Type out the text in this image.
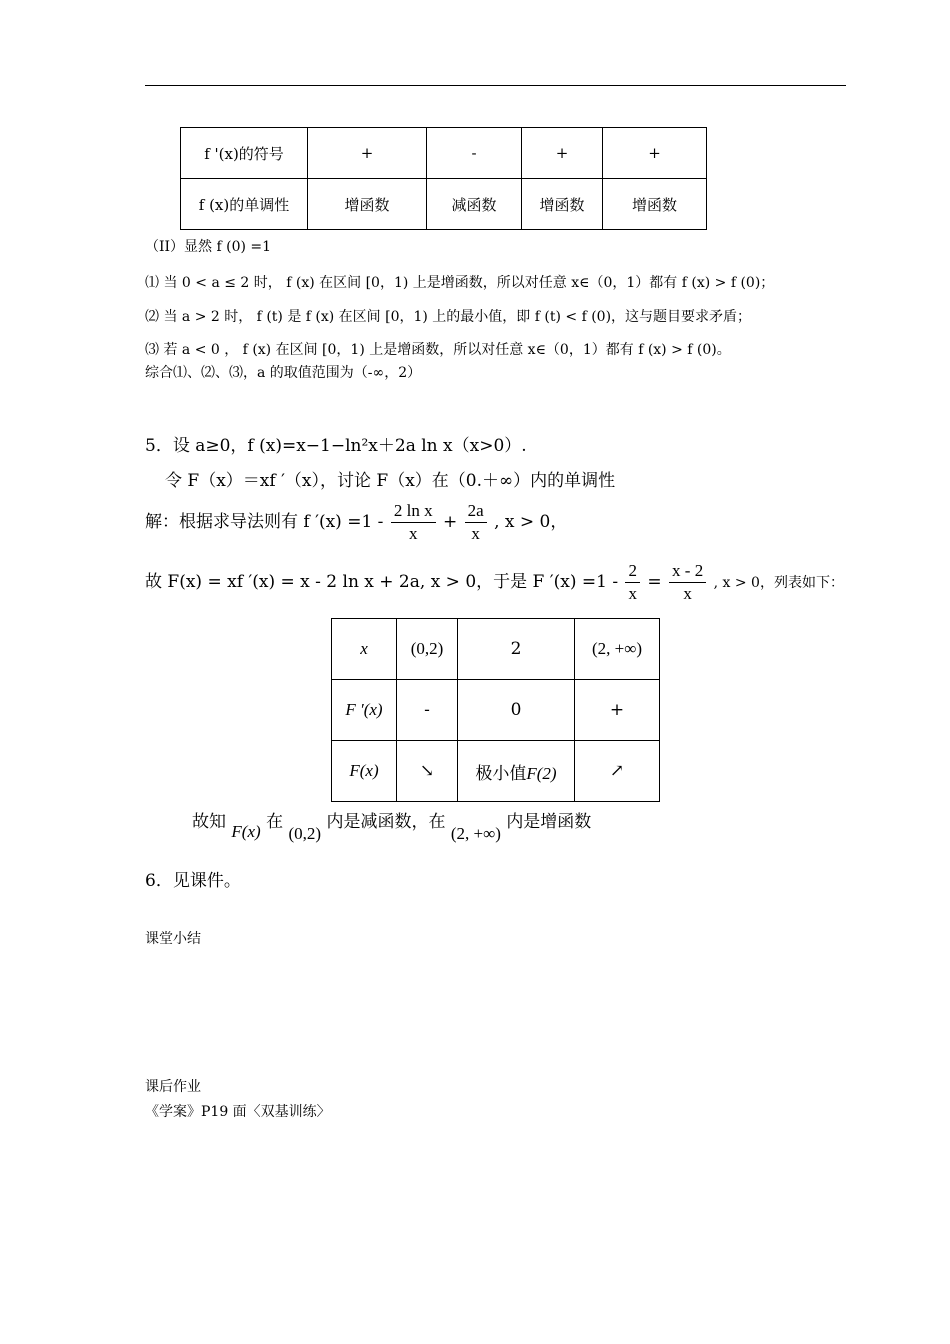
f '(x)的符号	+	-	+	+
f (x)的单调性	增函数	减函数	增函数	增函数
（II）显然 f (0) =1
⑴ 当 0 < a ≤ 2 时， f (x) 在区间 [0，1) 上是增函数，所以对任意 x∈（0，1）都有 f (x) > f (0)；
⑵ 当 a > 2 时， f (t) 是 f (x) 在区间 [0，1) 上的最小值，即 f (t) < f (0)，这与题目要求矛盾；
⑶ 若 a < 0 ， f (x) 在区间 [0，1) 上是增函数，所以对任意 x∈（0，1）都有 f (x) > f (0)。
综合⑴、⑵、⑶，a 的取值范围为（-∞，2）
5．设 a≥0，f (x)=x−1−ln²x＋2a ln x（x>0）.
令 F（x）＝xf ′（x），讨论 F（x）在（0.＋∞）内的单调性
解：根据求导法则有 f $'(x) =1 - \frac{\text{2 ln x}}{x} + \frac{2a}{x}$ , x > 0，
故 F(x) = xf ′(x) = x - 2 ln x + 2a, x > 0，于是 F $'(x) =1 - \frac{2}{x} = \frac{x - 2}{x}$ , x > 0，列表如下：
x	(0,2)	2	(2, +∞)
F ′(x)	-	0	+
F(x)	↘	极小值F(2)	↗
故知 F(x) 在 (0,2) 内是减函数，在 (2, +∞) 内是增函数
6．见课件。
课堂小结
课后作业
《学案》P19 面〈双基训练〉
